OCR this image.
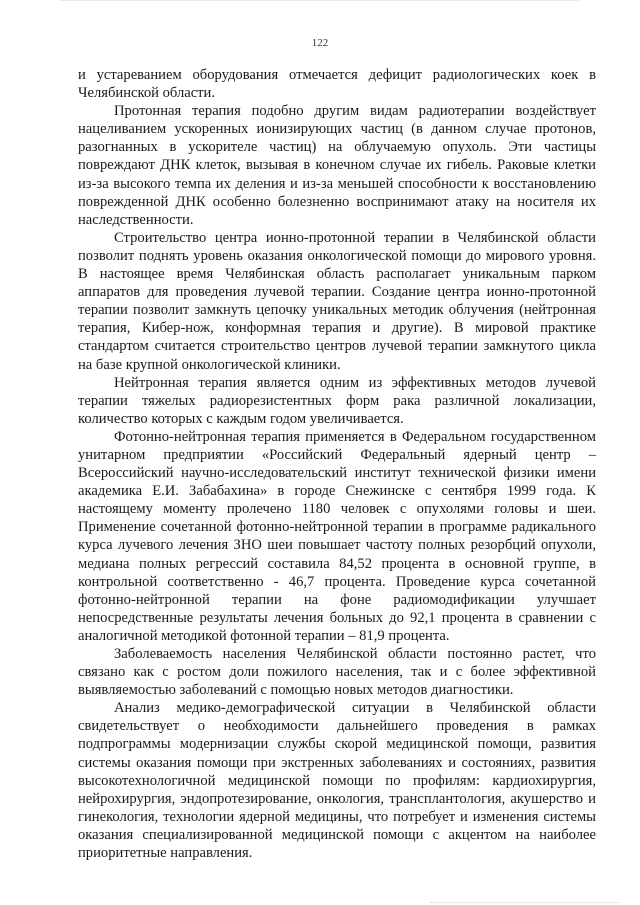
122

и устареванием оборудования отмечается дефицит радиологических коек в Челябинской области.

Протонная терапия подобно другим видам радиотерапии воздействует нацеливанием ускоренных ионизирующих частиц (в данном случае протонов, разогнанных в ускорителе частиц) на облучаемую опухоль. Эти частицы повреждают ДНК клеток, вызывая в конечном случае их гибель. Раковые клетки из-за высокого темпа их деления и из-за меньшей способности к восстановлению поврежденной ДНК особенно болезненно воспринимают атаку на носителя их наследственности.

Строительство центра ионно-протонной терапии в Челябинской области позволит поднять уровень оказания онкологической помощи до мирового уровня. В настоящее время Челябинская область располагает уникальным парком аппаратов для проведения лучевой терапии. Создание центра ионно-протонной терапии позволит замкнуть цепочку уникальных методик облучения (нейтронная терапия, Кибер-нож, конформная терапия и другие). В мировой практике стандартом считается строительство центров лучевой терапии замкнутого цикла на базе крупной онкологической клиники.

Нейтронная терапия является одним из эффективных методов лучевой терапии тяжелых радиорезистентных форм рака различной локализации, количество которых с каждым годом увеличивается.

Фотонно-нейтронная терапия применяется в Федеральном государственном унитарном предприятии «Российский Федеральный ядерный центр – Всероссийский научно-исследовательский институт технической физики имени академика Е.И. Забабахина» в городе Снежинске с сентября 1999 года. К настоящему моменту пролечено 1180 человек с опухолями головы и шеи. Применение сочетанной фотонно-нейтронной терапии в программе радикального курса лучевого лечения ЗНО шеи повышает частоту полных резорбций опухоли, медиана полных регрессий составила 84,52 процента в основной группе, в контрольной соответственно - 46,7 процента. Проведение курса сочетанной фотонно-нейтронной терапии на фоне радиомодификации улучшает непосредственные результаты лечения больных до 92,1 процента в сравнении с аналогичной методикой фотонной терапии – 81,9 процента.

Заболеваемость населения Челябинской области постоянно растет, что связано как с ростом доли пожилого населения, так и с более эффективной выявляемостью заболеваний с помощью новых методов диагностики.

Анализ медико-демографической ситуации в Челябинской области свидетельствует о необходимости дальнейшего проведения в рамках подпрограммы модернизации службы скорой медицинской помощи, развития системы оказания помощи при экстренных заболеваниях и состояниях, развития высокотехнологичной медицинской помощи по профилям: кардиохирургия, нейрохирургия, эндопротезирование, онкология, трансплантология, акушерство и гинекология, технологии ядерной медицины, что потребует и изменения системы оказания специализированной медицинской помощи с акцентом на наиболее приоритетные направления.
